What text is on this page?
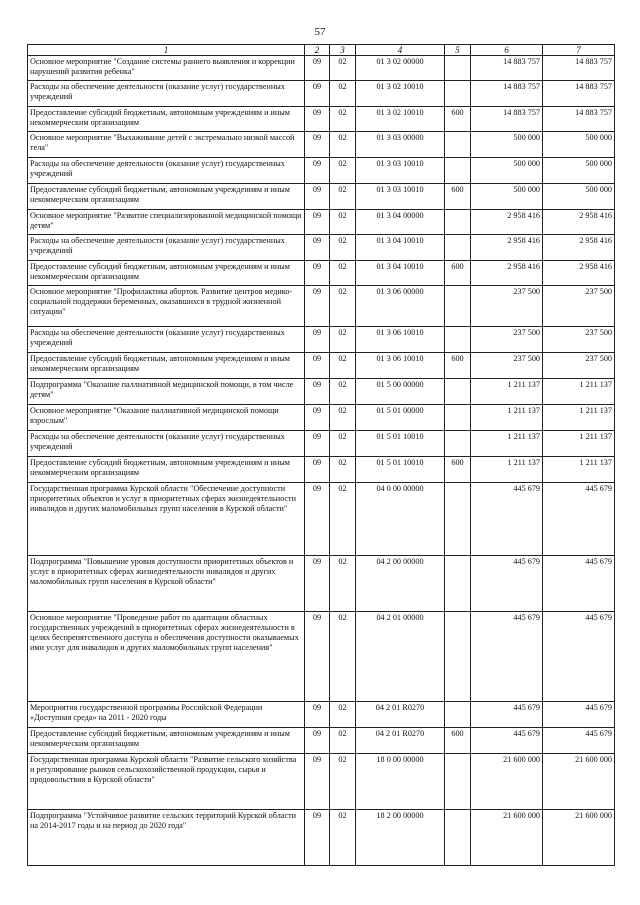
57
1	2	3	4	5	6	7
Основное мероприятие "Создание системы раннего выявления и коррекции нарушений развития ребенка"	09	02	01 3 02 00000		14 883 757	14 883 757
Расходы на обеспечение деятельности (оказание услуг) государственных учреждений	09	02	01 3 02 10010		14 883 757	14 883 757
Предоставление субсидий бюджетным, автономным учреждениям и иным некоммерческим организациям	09	02	01 3 02 10010	600	14 883 757	14 883 757
Основное мероприятие "Выхаживание детей с экстремально низкой массой тела"	09	02	01 3 03 00000		500 000	500 000
Расходы на обеспечение деятельности (оказание услуг) государственных учреждений	09	02	01 3 03 10010		500 000	500 000
Предоставление субсидий бюджетным, автономным учреждениям и иным некоммерческим организациям	09	02	01 3 03 10010	600	500 000	500 000
Основное мероприятие "Развитие специализированной медицинской помощи детям"	09	02	01 3 04 00000		2 958 416	2 958 416
Расходы на обеспечение деятельности (оказание услуг) государственных учреждений	09	02	01 3 04 10010		2 958 416	2 958 416
Предоставление субсидий бюджетным, автономным учреждениям и иным некоммерческим организациям	09	02	01 3 04 10010	600	2 958 416	2 958 416
Основное мероприятие "Профилактика абортов. Развитие центров медико-социальной поддержки беременных, оказавшихся в трудной жизненной ситуации"	09	02	01 3 06 00000		237 500	237 500
Расходы на обеспечение деятельности (оказание услуг) государственных учреждений	09	02	01 3 06 10010		237 500	237 500
Предоставление субсидий бюджетным, автономным учреждениям и иным некоммерческим организациям	09	02	01 3 06 10010	600	237 500	237 500
Подпрограмма "Оказание паллиативной медицинской помощи, в том числе детям"	09	02	01 5 00 00000		1 211 137	1 211 137
Основное мероприятие "Оказание паллиативной медицинской помощи взрослым"	09	02	01 5 01 00000		1 211 137	1 211 137
Расходы на обеспечение деятельности (оказание услуг) государственных учреждений	09	02	01 5 01 10010		1 211 137	1 211 137
Предоставление субсидий бюджетным, автономным учреждениям и иным некоммерческим организациям	09	02	01 5 01 10010	600	1 211 137	1 211 137
Государственная программа Курской области "Обеспечение доступности приоритетных объектов и услуг в приоритетных сферах жизнедеятельности инвалидов и других маломобильных групп населения в Курской области"	09	02	04 0 00 00000		445 679	445 679
Подпрограмма "Повышение уровня доступности приоритетных объектов и услуг в приоритетных сферах жизнедеятельности инвалидов и других маломобильных групп населения в Курской области"	09	02	04 2 00 00000		445 679	445 679
Основное мероприятие "Проведение работ по адаптации областных государственных учреждений в приоритетных сферах жизнедеятельности в целях беспрепятственного доступа и обеспечения доступности оказываемых ими услуг для инвалидов и других маломобильных групп населения"	09	02	04 2 01 00000		445 679	445 679
Мероприятия государственной программы Российской Федерации «Доступная среда» на 2011 - 2020 годы	09	02	04 2 01 R0270		445 679	445 679
Предоставление субсидий бюджетным, автономным учреждениям и иным некоммерческим организациям	09	02	04 2 01 R0270	600	445 679	445 679
Государственная программа Курской области "Развитие сельского хозяйства и регулирование рынков сельскохозяйственной продукции, сырья и продовольствия в Курской области"	09	02	18 0 00 00000		21 600 000	21 600 000
Подпрограмма "Устойчивое развитие сельских территорий Курской области на 2014-2017 годы и на период до 2020 года"	09	02	18 2 00 00000		21 600 000	21 600 000
